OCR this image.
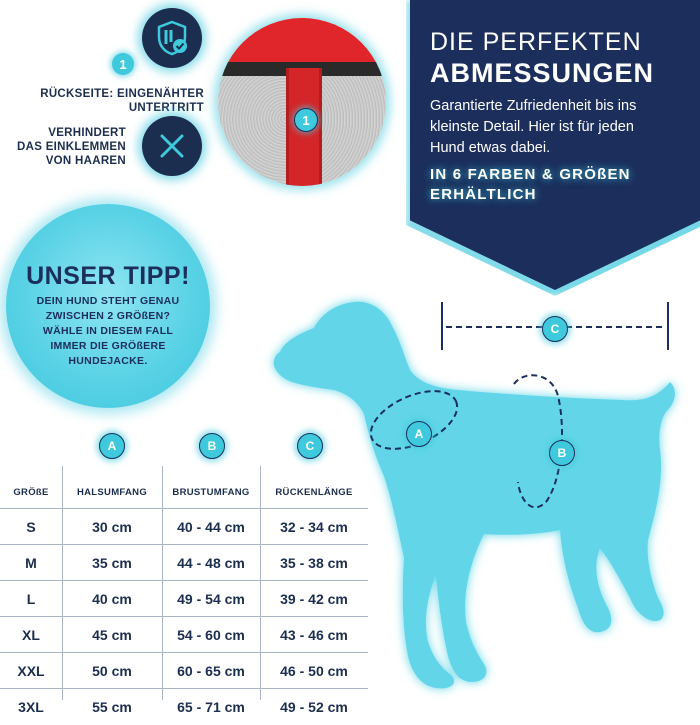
1
RÜCKSEITE: EINGENÄHTER
UNTERTRITT
VERHINDERT
DAS EINKLEMMEN
VON HAAREN
1
DIE PERFEKTEN
ABMESSUNGEN
Garantierte Zufriedenheit bis ins kleinste Detail. Hier ist für jeden Hund etwas dabei.
IN 6 FARBEN & GRÖßEN
ERHÄLTLICH
UNSER TIPP!
DEIN HUND STEHT GENAU
ZWISCHEN 2 GRÖßEN?
WÄHLE IN DIESEM FALL
IMMER DIE GRÖßERE
HUNDEJACKE.
C
A
B
A	B	C
GRÖßE	HALSUMFANG	BRUSTUMFANG	RÜCKENLÄNGE
S	30 cm	40 - 44 cm	32 - 34 cm
M	35 cm	44 - 48 cm	35 - 38 cm
L	40 cm	49 - 54 cm	39 - 42 cm
XL	45 cm	54 - 60 cm	43 - 46 cm
XXL	50 cm	60 - 65 cm	46 - 50 cm
3XL	55 cm	65 - 71 cm	49 - 52 cm
